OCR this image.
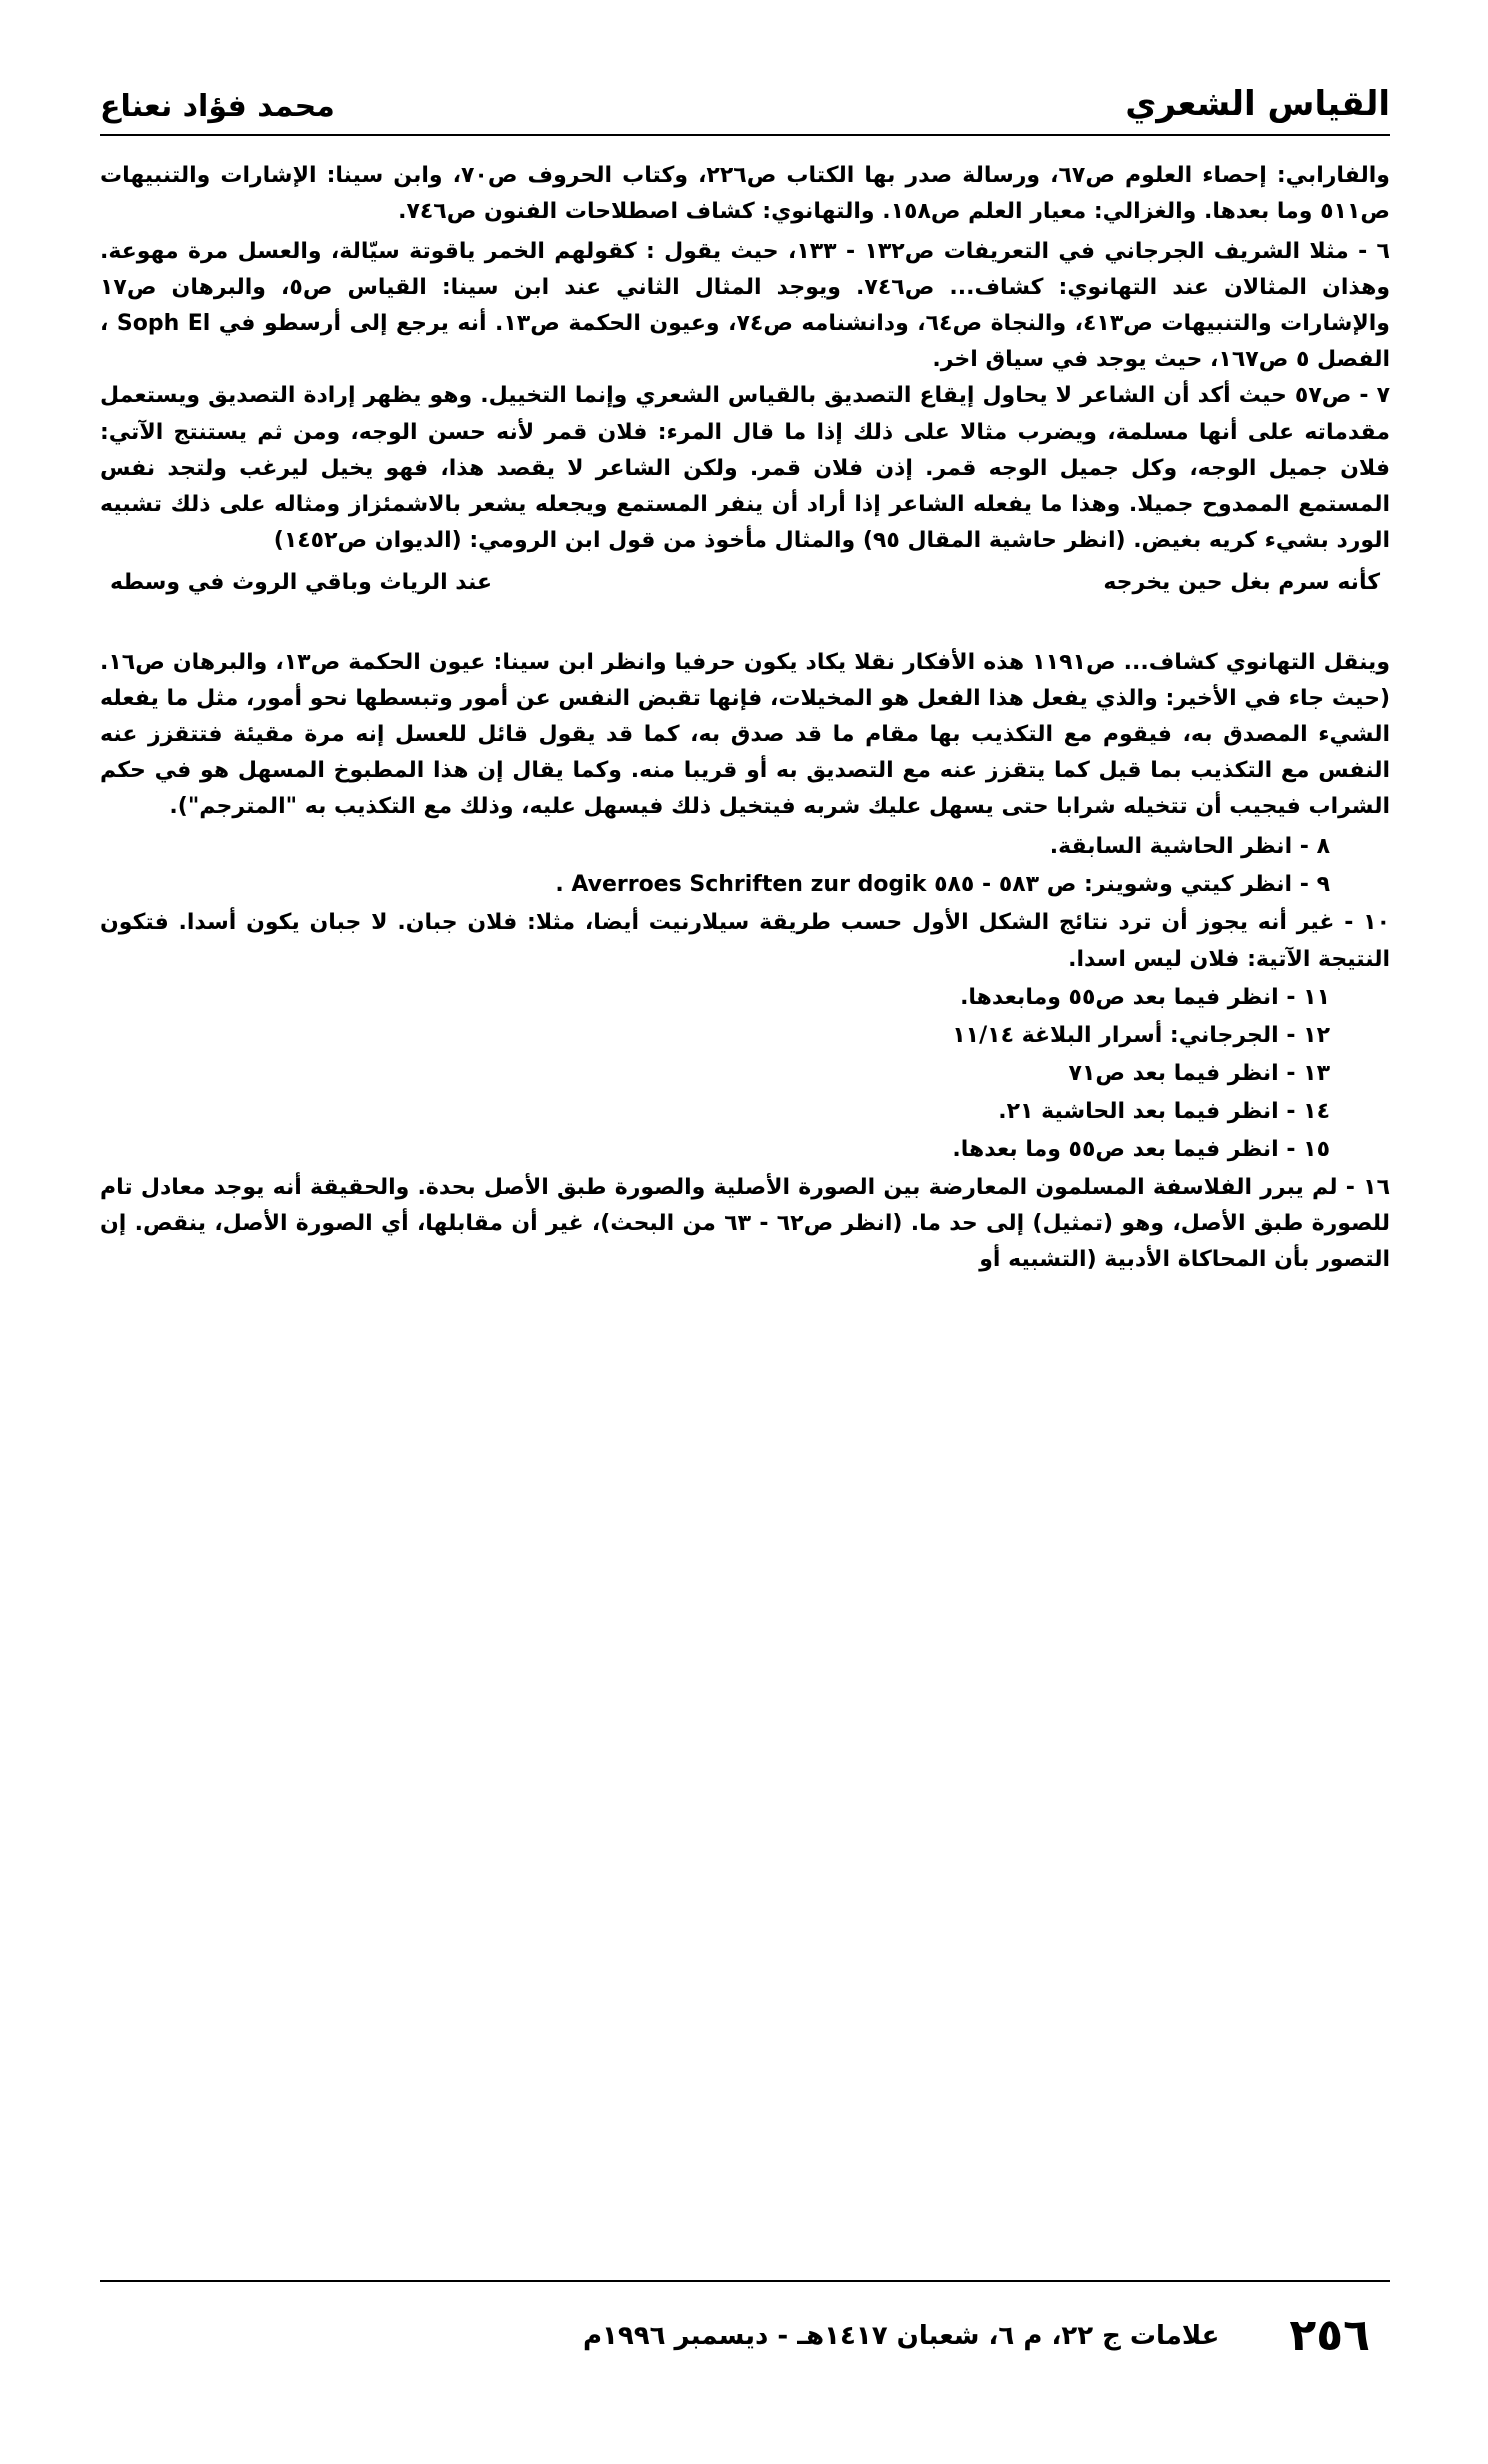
القياس الشعري
محمد فؤاد نعناع

والفارابي: إحصاء العلوم ص٦٧، ورسالة صدر بها الكتاب ص٢٢٦، وكتاب الحروف ص٧٠، وابن سينا: الإشارات والتنبيهات ص٥١١ وما بعدها. والغزالي: معيار العلم ص١٥٨. والتهانوي: كشاف اصطلاحات الفنون ص٧٤٦.

٦ - مثلا الشريف الجرجاني في التعريفات ص١٣٢ - ١٣٣، حيث يقول : كقولهم الخمر ياقوتة سيّالة، والعسل مرة مهوعة. وهذان المثالان عند التهانوي: كشاف... ص٧٤٦. ويوجد المثال الثاني عند ابن سينا: القياس ص٥، والبرهان ص١٧ والإشارات والتنبيهات ص٤١٣، والنجاة ص٦٤، ودانشنامه ص٧٤، وعيون الحكمة ص١٣. أنه يرجع إلى أرسطو في Soph El ، الفصل ٥ ص١٦٧، حيث يوجد في سياق اخر.

٧ - ص٥٧ حيث أكد أن الشاعر لا يحاول إيقاع التصديق بالقياس الشعري وإنما التخييل. وهو يظهر إرادة التصديق ويستعمل مقدماته على أنها مسلمة، ويضرب مثالا على ذلك إذا ما قال المرء: فلان قمر لأنه حسن الوجه، ومن ثم يستنتج الآتي: فلان جميل الوجه، وكل جميل الوجه قمر. إذن فلان قمر. ولكن الشاعر لا يقصد هذا، فهو يخيل ليرغب ولتجد نفس المستمع الممدوح جميلا. وهذا ما يفعله الشاعر إذا أراد أن ينفر المستمع ويجعله يشعر بالاشمئزاز ومثاله على ذلك تشبيه الورد بشيء كريه بغيض. (انظر حاشية المقال ٩٥) والمثال مأخوذ من قول ابن الرومي: (الديوان ص١٤٥٢)

كأنه سرم بغل حين يخرجه
عند الرياث وباقي الروث في وسطه

وينقل التهانوي كشاف... ص١١٩١ هذه الأفكار نقلا يكاد يكون حرفيا وانظر ابن سينا: عيون الحكمة ص١٣، والبرهان ص١٦. (حيث جاء في الأخير: والذي يفعل هذا الفعل هو المخيلات، فإنها تقبض النفس عن أمور وتبسطها نحو أمور، مثل ما يفعله الشيء المصدق به، فيقوم مع التكذيب بها مقام ما قد صدق به، كما قد يقول قائل للعسل إنه مرة مقيئة فتتقزز عنه النفس مع التكذيب بما قيل كما يتقزز عنه مع التصديق به أو قريبا منه. وكما يقال إن هذا المطبوخ المسهل هو في حكم الشراب فيجيب أن تتخيله شرابا حتى يسهل عليك شربه فيتخيل ذلك فيسهل عليه، وذلك مع التكذيب به "المترجم").

٨ - انظر الحاشية السابقة.

٩ - انظر كيتي وشوينر: ص ٥٨٣ - ٥٨٥ Averroes Schriften zur dogik .

١٠ - غير أنه يجوز أن ترد نتائج الشكل الأول حسب طريقة سيلارنيت أيضا، مثلا: فلان جبان. لا جبان يكون أسدا. فتكون النتيجة الآتية: فلان ليس اسدا.

١١ - انظر فيما بعد ص٥٥ ومابعدها.

١٢ - الجرجاني: أسرار البلاغة ١١/١٤

١٣ - انظر فيما بعد ص٧١

١٤ - انظر فيما بعد الحاشية ٢١.

١٥ - انظر فيما بعد ص٥٥ وما بعدها.

١٦ - لم يبرر الفلاسفة المسلمون المعارضة بين الصورة الأصلية والصورة طبق الأصل بحدة. والحقيقة أنه يوجد معادل تام للصورة طبق الأصل، وهو (تمثيل) إلى حد ما. (انظر ص٦٢ - ٦٣ من البحث)، غير أن مقابلها، أي الصورة الأصل، ينقص. إن التصور بأن المحاكاة الأدبية (التشبيه أو

٢٥٦
علامات ج ٢٢، م ٦، شعبان ١٤١٧هـ - ديسمبر ١٩٩٦م
